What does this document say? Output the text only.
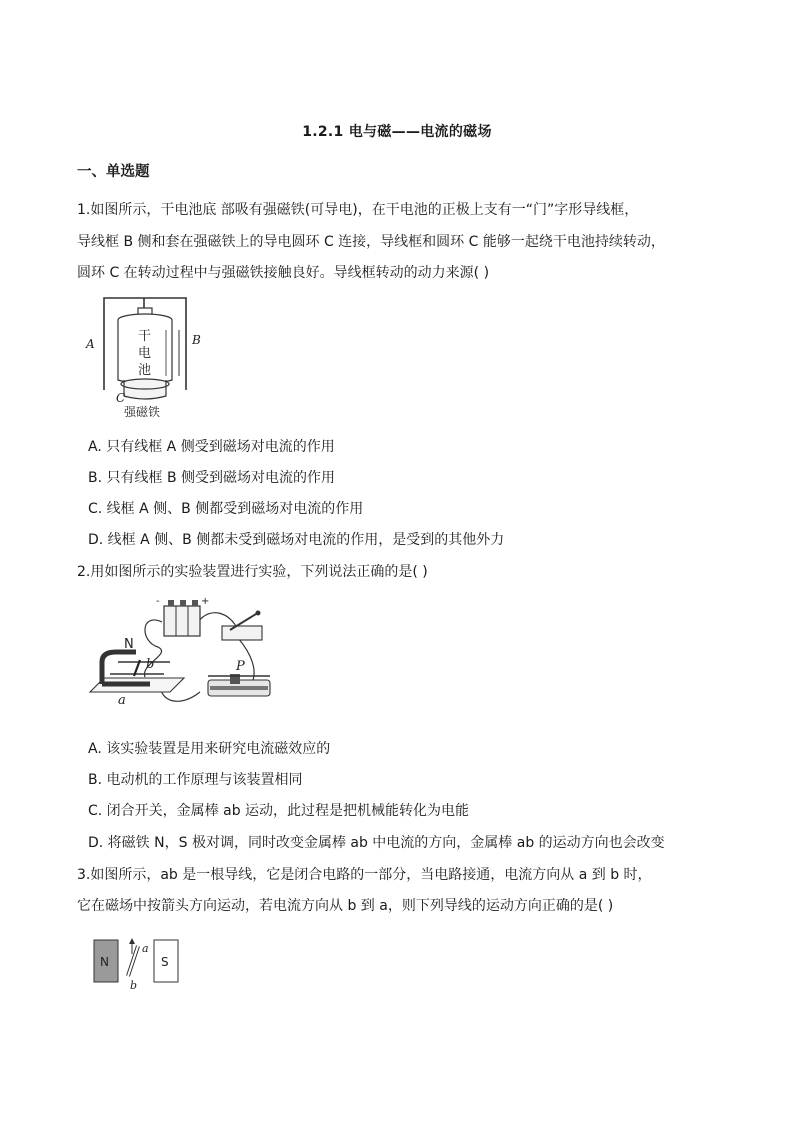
1.2.1 电与磁——电流的磁场
一、单选题
1.如图所示，干电池底 部吸有强磁铁(可导电)，在干电池的正极上支有一“门”字形导线框，
导线框 B 侧和套在强磁铁上的导电圆环 C 连接，导线框和圆环 C 能够一起绕干电池持续转动，
圆环 C 在转动过程中与强磁铁接触良好。导线框转动的动力来源( )
A	B
C
干
电
池
强磁铁
A. 只有线框 A 侧受到磁场对电流的作用
B. 只有线框 B 侧受到磁场对电流的作用
C. 线框 A 侧、B 侧都受到磁场对电流的作用
D. 线框 A 侧、B 侧都未受到磁场对电流的作用，是受到的其他外力
2.用如图所示的实验装置进行实验，下列说法正确的是( )
+
-
P
N
b
a
A. 该实验装置是用来研究电流磁效应的
B. 电动机的工作原理与该装置相同
C. 闭合开关，金属棒 ab 运动，此过程是把机械能转化为电能
D. 将磁铁 N，S 极对调，同时改变金属棒 ab 中电流的方向，金属棒 ab 的运动方向也会改变
3.如图所示，ab 是一根导线，它是闭合电路的一部分，当电路接通，电流方向从 a 到 b 时，
它在磁场中按箭头方向运动，若电流方向从 b 到 a，则下列导线的运动方向正确的是( )
N	S
a
b
